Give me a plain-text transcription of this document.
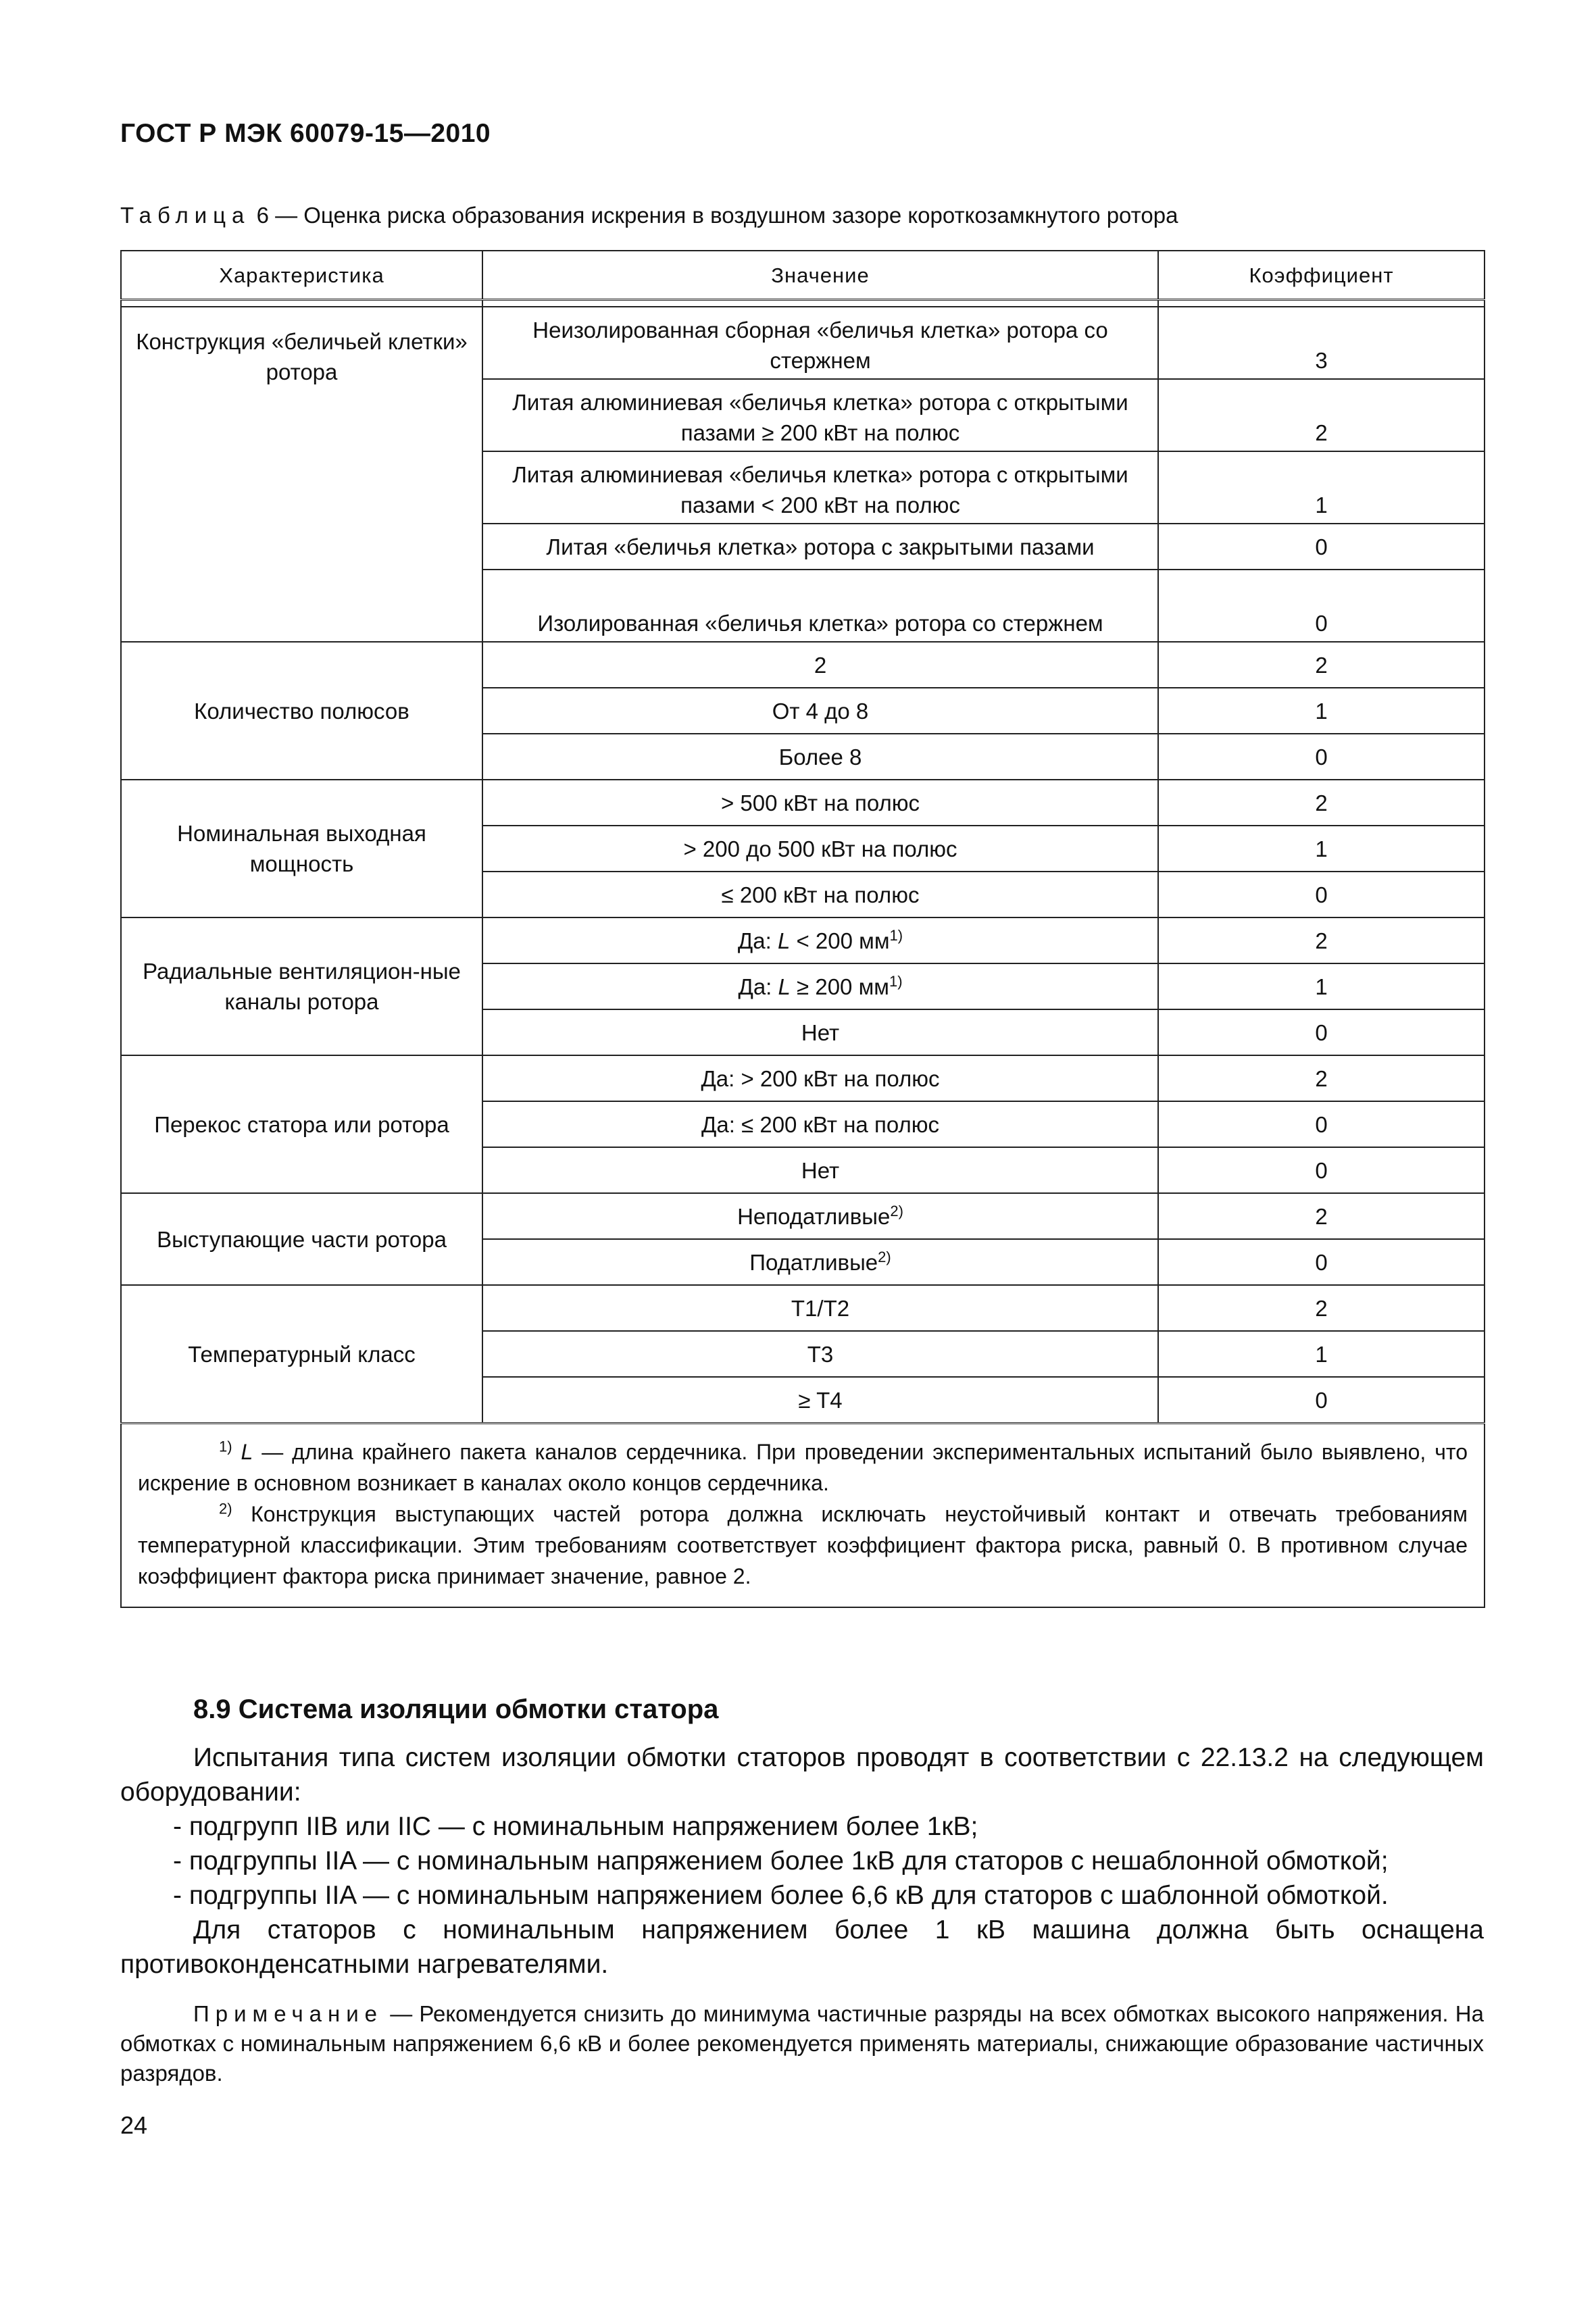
ГОСТ Р МЭК 60079-15—2010
Таблица 6 — Оценка риска образования искрения в воздушном зазоре короткозамкнутого ротора
Характеристика	Значение	Коэффициент

Конструкция «беличьей клетки» ротора	Неизолированная сборная «беличья клетка» ротора со стержнем	3
	Литая алюминиевая «беличья клетка» ротора с открытыми пазами ≥ 200 кВт на полюс	2
	Литая алюминиевая «беличья клетка» ротора с открытыми пазами < 200 кВт на полюс	1
	Литая «беличья клетка» ротора с закрытыми пазами	0
	Изолированная «беличья клетка» ротора со стержнем	0
Количество полюсов	2	2
	От 4 до 8	1
	Более 8	0
Номинальная выходная мощность	> 500 кВт на полюс	2
	> 200 до 500 кВт на полюс	1
	≤ 200 кВт на полюс	0
Радиальные вентиляцион-ные каналы ротора	Да: L < 200 $мм^{1)}$	2
	Да: L ≥ 200 $мм^{1)}$	1
	Нет	0
Перекос статора или ротора	Да: > 200 кВт на полюс	2
	Да: ≤ 200 кВт на полюс	0
	Нет	0
Выступающие части ротора	Неподатливые$^{2)}$	2
	Податливые$^{2)}$	0
Температурный класс	T1/T2	2
	T3	1
	≥ T4	0

$^{1)}$ L — длина крайнего пакета каналов сердечника. При проведении экспериментальных испытаний было выявлено, что искрение в основном возникает в каналах около концов сердечника.
$^{2)}$ Конструкция выступающих частей ротора должна исключать неустойчивый контакт и отвечать требованиям температурной классификации. Этим требованиям соответствует коэффициент фактора риска, равный 0. В противном случае коэффициент фактора риска принимает значение, равное 2.		
8.9 Система изоляции обмотки статора

Испытания типа систем изоляции обмотки статоров проводят в соответствии с 22.13.2 на следующем оборудовании:

- подгрупп IIB или IIC — с номинальным напряжением более 1кВ;

- подгруппы IIA — с номинальным напряжением более 1кВ для статоров с нешаблонной обмоткой;

- подгруппы IIA — с номинальным напряжением более 6,6 кВ для статоров с шаблонной обмоткой.

Для статоров с номинальным напряжением более 1 кВ машина должна быть оснащена противоконденсатными нагревателями.

Примечание — Рекомендуется снизить до минимума частичные разряды на всех обмотках высокого напряжения. На обмотках с номинальным напряжением 6,6 кВ и более рекомендуется применять материалы, снижающие образование частичных разрядов.

24
